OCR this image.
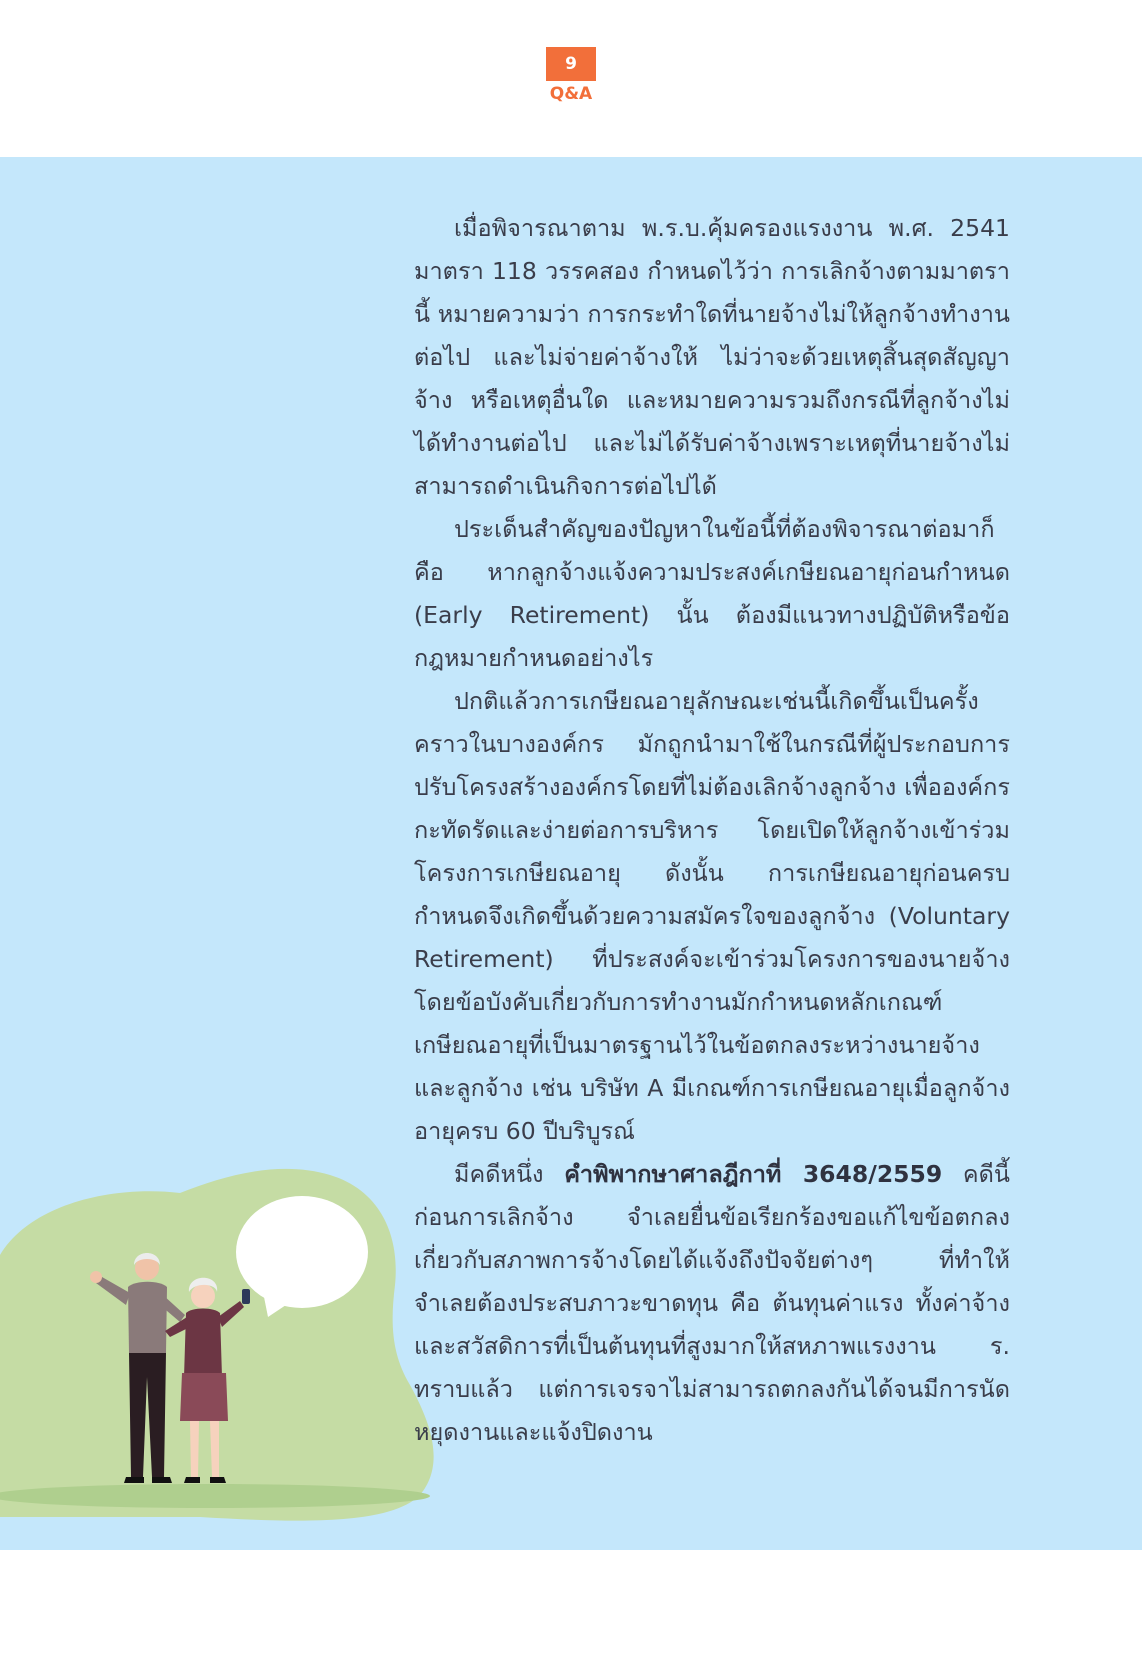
9
Q&A

เมื่อพิจารณาตาม พ.ร.บ.คุ้มครองแรงงาน พ.ศ. 2541 มาตรา 118 วรรคสอง กำหนดไว้ว่า การเลิกจ้างตามมาตรานี้ หมายความว่า การกระทำใดที่นายจ้างไม่ให้ลูกจ้างทำงานต่อไป และไม่จ่ายค่าจ้างให้ ไม่ว่าจะด้วยเหตุสิ้นสุดสัญญาจ้าง หรือเหตุอื่นใด และหมายความรวมถึงกรณีที่ลูกจ้างไม่ได้ทำงานต่อไป และไม่ได้รับค่าจ้างเพราะเหตุที่นายจ้างไม่สามารถดำเนินกิจการต่อไปได้

ประเด็นสำคัญของปัญหาในข้อนี้ที่ต้องพิจารณาต่อมาก็คือ หากลูกจ้างแจ้งความประสงค์เกษียณอายุก่อนกำหนด (Early Retirement) นั้น ต้องมีแนวทางปฏิบัติหรือข้อกฎหมายกำหนดอย่างไร

ปกติแล้วการเกษียณอายุลักษณะเช่นนี้เกิดขึ้นเป็นครั้งคราวในบางองค์กร มักถูกนำมาใช้ในกรณีที่ผู้ประกอบการปรับโครงสร้างองค์กรโดยที่ไม่ต้องเลิกจ้างลูกจ้าง เพื่อองค์กรกะทัดรัดและง่ายต่อการบริหาร โดยเปิดให้ลูกจ้างเข้าร่วมโครงการเกษียณอายุ ดังนั้น การเกษียณอายุก่อนครบกำหนดจึงเกิดขึ้นด้วยความสมัครใจของลูกจ้าง (Voluntary Retirement) ที่ประสงค์จะเข้าร่วมโครงการของนายจ้าง โดยข้อบังคับเกี่ยวกับการทำงานมักกำหนดหลักเกณฑ์เกษียณอายุที่เป็นมาตรฐานไว้ในข้อตกลงระหว่างนายจ้างและลูกจ้าง เช่น บริษัท A มีเกณฑ์การเกษียณอายุเมื่อลูกจ้างอายุครบ 60 ปีบริบูรณ์

มีคดีหนึ่ง คำพิพากษาศาลฎีกาที่ 3648/2559 คดีนี้ก่อนการเลิกจ้าง จำเลยยื่นข้อเรียกร้องขอแก้ไขข้อตกลงเกี่ยวกับสภาพการจ้างโดยได้แจ้งถึงปัจจัยต่างๆ ที่ทำให้จำเลยต้องประสบภาวะขาดทุน คือ ต้นทุนค่าแรง ทั้งค่าจ้างและสวัสดิการที่เป็นต้นทุนที่สูงมากให้สหภาพแรงงาน ร. ทราบแล้ว แต่การเจรจาไม่สามารถตกลงกันได้จนมีการนัดหยุดงานและแจ้งปิดงาน
